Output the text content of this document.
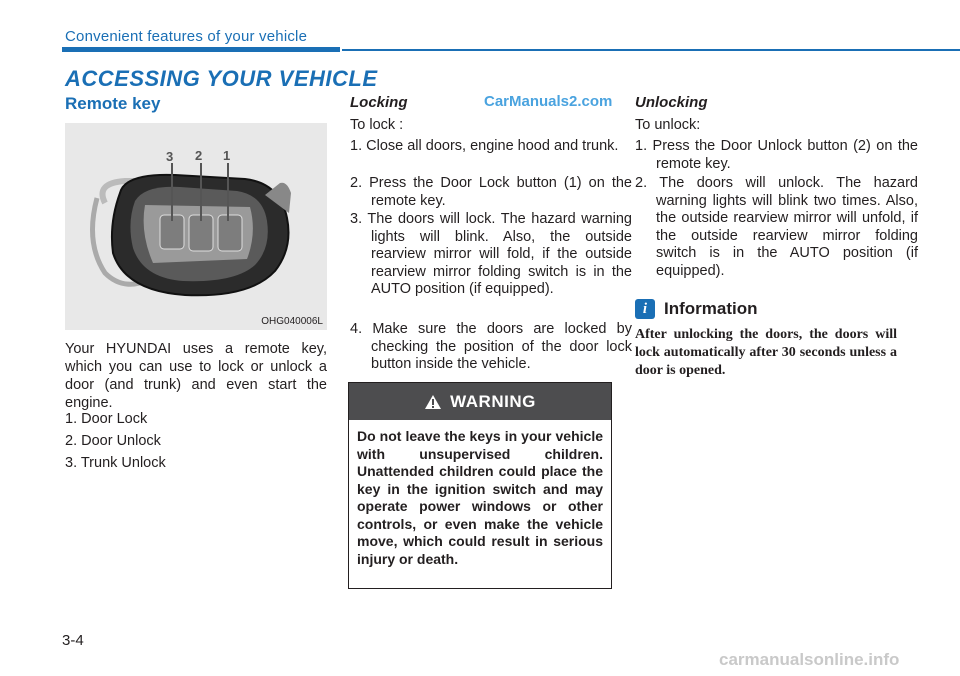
Convenient features of your vehicle
ACCESSING YOUR VEHICLE
Remote key
3 2 1
OHG040006L
Your HYUNDAI uses a remote key, which you can use to lock or unlock a door (and trunk) and even start the engine.
1. Door Lock
2. Door Unlock
3. Trunk Unlock
Locking	CarManuals2.com
To lock :
1. Close all doors, engine hood and trunk.
2. Press the Door Lock button (1) on the remote key.
3. The doors will lock. The hazard warning lights will blink. Also, the outside rearview mirror will fold, if the outside rearview mirror folding switch is in the AUTO position (if equipped).
4. Make sure the doors are locked by checking the position of the door lock button inside the vehicle.
WARNING
Do not leave the keys in your vehicle with unsupervised children. Unattended children could place the key in the ignition switch and may operate power windows or other controls, or even make the vehicle move, which could result in serious injury or death.
Unlocking
To unlock:
1. Press the Door Unlock button (2) on the remote key.
2. The doors will unlock. The hazard warning lights will blink two times. Also, the outside rearview mirror will unfold, if the outside rearview mirror folding switch is in the AUTO position (if equipped).
i Information
After unlocking the doors, the doors will lock automatically after 30 seconds unless a door is opened.
3-4
carmanualsonline.info
